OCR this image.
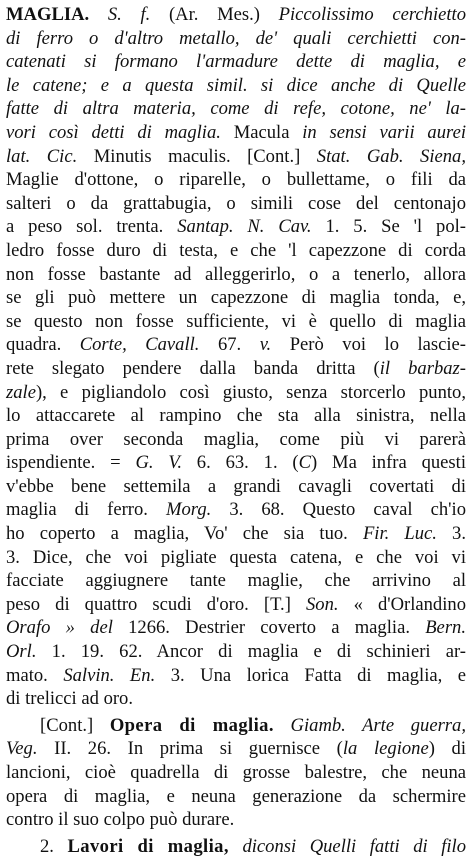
MAGLIA. S. f. (Ar. Mes.) Piccolissimo cerchietto
di ferro o d'altro metallo, de' quali cerchietti con-
catenati si formano l'armadure dette di maglia, e
le catene; e a questa simil. si dice anche di Quelle
fatte di altra materia, come di refe, cotone, ne' la-
vori così detti di maglia. Macula in sensi varii aurei
lat. Cic. Minutis maculis. [Cont.] Stat. Gab. Siena,
Maglie d'ottone, o riparelle, o bullettame, o fili da
salteri o da grattabugia, o simili cose del centonajo
a peso sol. trenta. Santap. N. Cav. 1. 5. Se 'l pol-
ledro fosse duro di testa, e che 'l capezzone di corda
non fosse bastante ad alleggerirlo, o a tenerlo, allora
se gli può mettere un capezzone di maglia tonda, e,
se questo non fosse sufficiente, vi è quello di maglia
quadra. Corte, Cavall. 67. v. Però voi lo lascie-
rete slegato pendere dalla banda dritta (il barbaz-
zale), e pigliandolo così giusto, senza storcerlo punto,
lo attaccarete al rampino che sta alla sinistra, nella
prima over seconda maglia, come più vi parerà
ispendiente. = G. V. 6. 63. 1. (C) Ma infra questi
v'ebbe bene settemila a grandi cavagli covertati di
maglia di ferro. Morg. 3. 68. Questo caval ch'io
ho coperto a maglia, Vo' che sia tuo. Fir. Luc. 3.
3. Dice, che voi pigliate questa catena, e che voi vi
facciate aggiugnere tante maglie, che arrivino al
peso di quattro scudi d'oro. [T.] Son. « d'Orlandino
Orafo » del 1266. Destrier coverto a maglia. Bern.
Orl. 1. 19. 62. Ancor di maglia e di schinieri ar-
mato. Salvin. En. 3. Una lorica Fatta di maglia, e
di trelicci ad oro.
[Cont.] Opera di maglia. Giamb. Arte guerra,
Veg. II. 26. In prima si guernisce (la legione) di
lancioni, cioè quadrella di grosse balestre, che neuna
opera di maglia, e neuna generazione da schermire
contro il suo colpo può durare.
2. Lavori di maglia, diconsi Quelli fatti di filo
